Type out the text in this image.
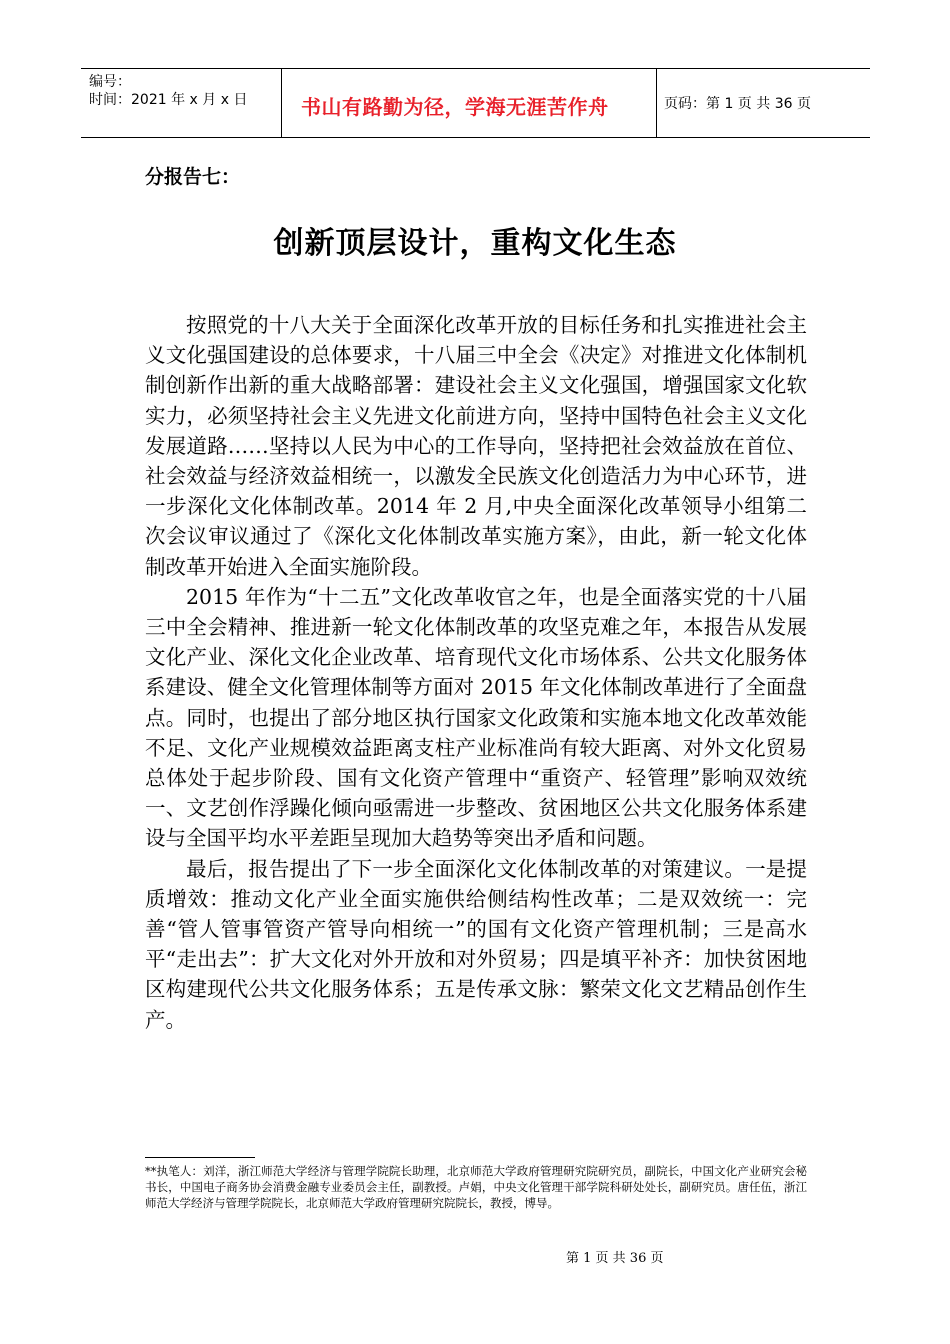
编号：
时间：2021 年 x 月 x 日	书山有路勤为径，学海无涯苦作舟	页码：第 1 页 共 36 页
分报告七：
创新顶层设计，重构文化生态

按照党的十八大关于全面深化改革开放的目标任务和扎实推进社会主义文化强国建设的总体要求，十八届三中全会《决定》对推进文化体制机制创新作出新的重大战略部署：建设社会主义文化强国，增强国家文化软实力，必须坚持社会主义先进文化前进方向，坚持中国特色社会主义文化发展道路……坚持以人民为中心的工作导向，坚持把社会效益放在首位、社会效益与经济效益相统一，以激发全民族文化创造活力为中心环节，进一步深化文化体制改革。2014 年 2 月,中央全面深化改革领导小组第二次会议审议通过了《深化文化体制改革实施方案》，由此，新一轮文化体制改革开始进入全面实施阶段。

2015 年作为“十二五”文化改革收官之年，也是全面落实党的十八届三中全会精神、推进新一轮文化体制改革的攻坚克难之年，本报告从发展文化产业、深化文化企业改革、培育现代文化市场体系、公共文化服务体系建设、健全文化管理体制等方面对 2015 年文化体制改革进行了全面盘点。同时，也提出了部分地区执行国家文化政策和实施本地文化改革效能不足、文化产业规模效益距离支柱产业标准尚有较大距离、对外文化贸易总体处于起步阶段、国有文化资产管理中“重资产、轻管理”影响双效统一、文艺创作浮躁化倾向亟需进一步整改、贫困地区公共文化服务体系建设与全国平均水平差距呈现加大趋势等突出矛盾和问题。

最后，报告提出了下一步全面深化文化体制改革的对策建议。一是提质增效：推动文化产业全面实施供给侧结构性改革；二是双效统一：完善“管人管事管资产管导向相统一”的国有文化资产管理机制；三是高水平“走出去”：扩大文化对外开放和对外贸易；四是填平补齐：加快贫困地区构建现代公共文化服务体系；五是传承文脉：繁荣文化文艺精品创作生产。

**执笔人：刘洋，浙江师范大学经济与管理学院院长助理，北京师范大学政府管理研究院研究员，副院长，中国文化产业研究会秘书长，中国电子商务协会消费金融专业委员会主任，副教授。卢娟，中央文化管理干部学院科研处处长，副研究员。唐任伍，浙江师范大学经济与管理学院院长，北京师范大学政府管理研究院院长，教授，博导。
第 1 页 共 36 页
